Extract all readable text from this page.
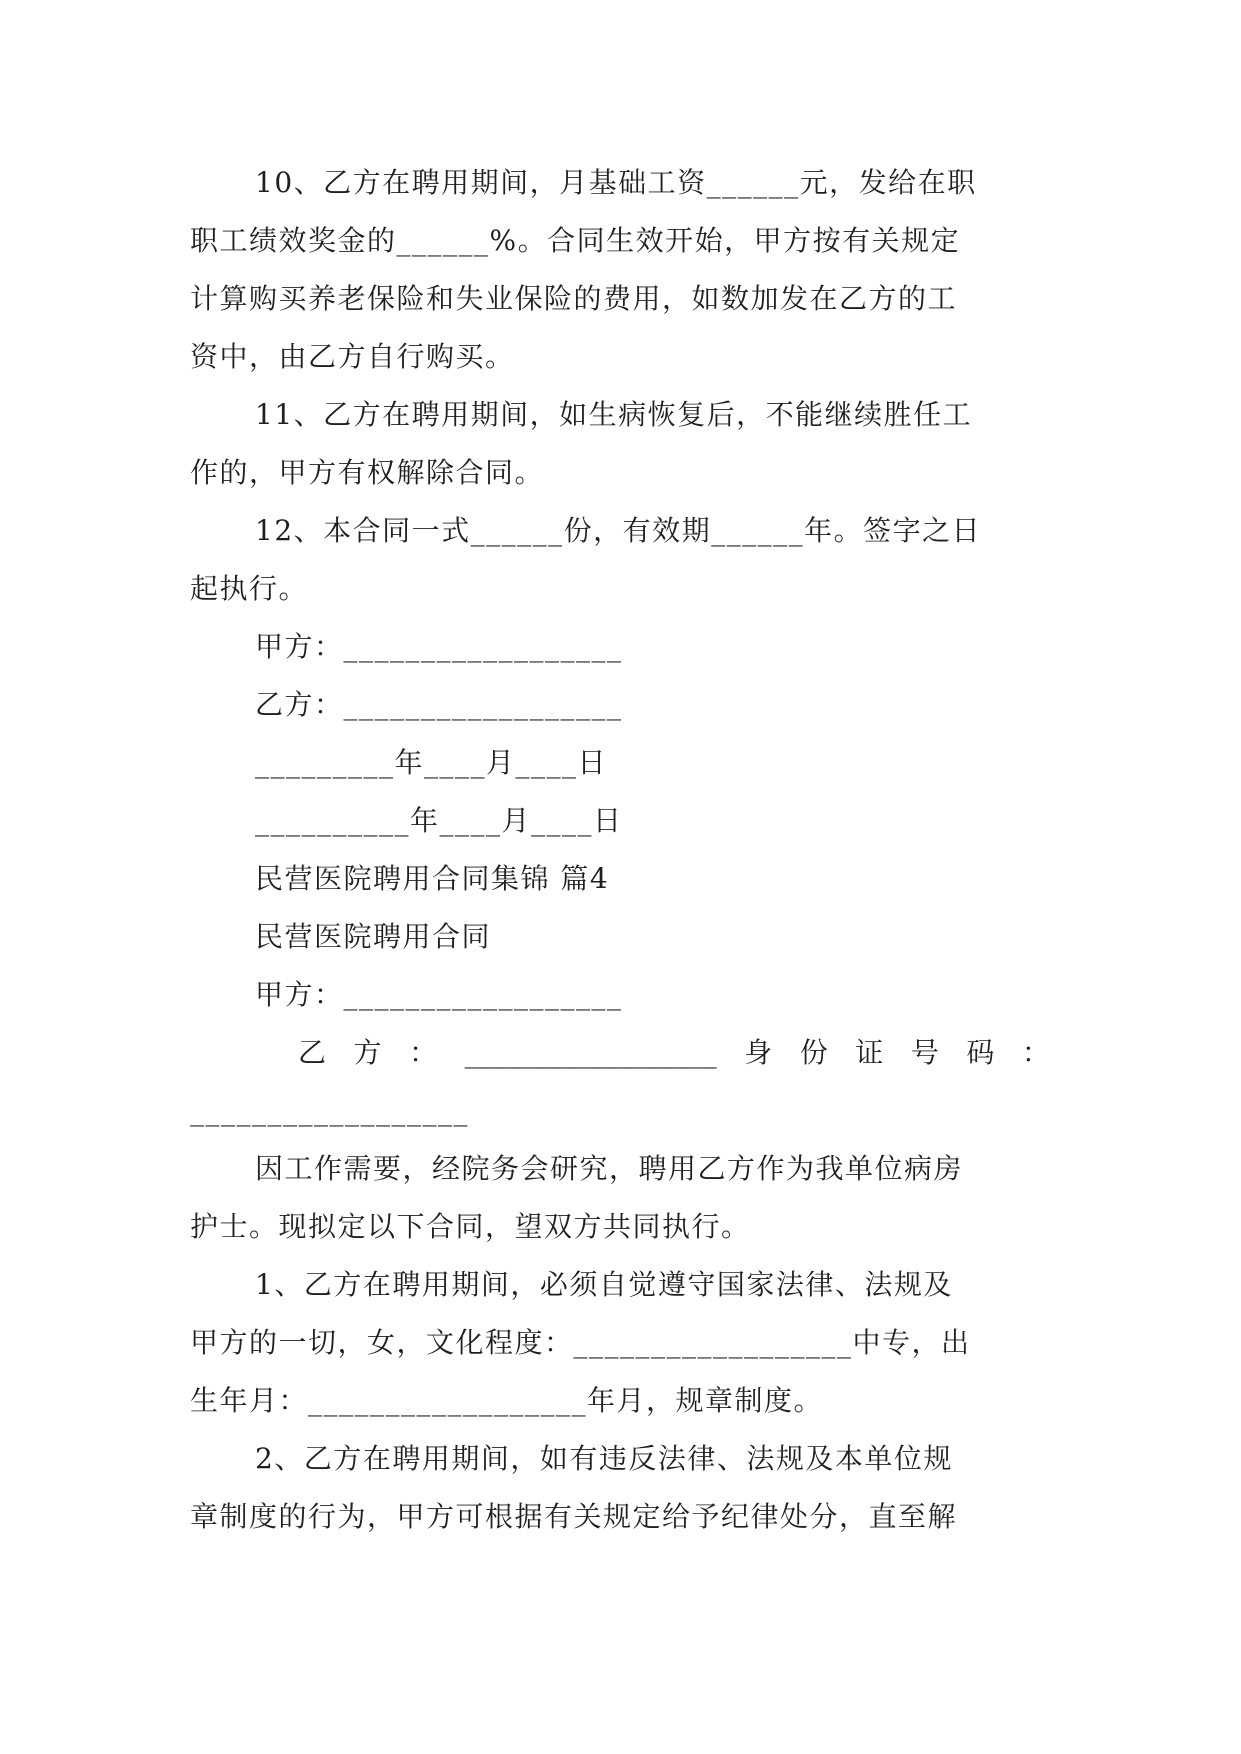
10、乙方在聘用期间，月基础工资______元，发给在职
职工绩效奖金的______%。合同生效开始，甲方按有关规定
计算购买养老保险和失业保险的费用，如数加发在乙方的工
资中，由乙方自行购买。
11、乙方在聘用期间，如生病恢复后，不能继续胜任工
作的，甲方有权解除合同。
12、本合同一式______份，有效期______年。签字之日
起执行。
甲方：__________________
乙方：__________________
_________年____月____日
__________年____月____日
民营医院聘用合同集锦 篇4
民营医院聘用合同
甲方：__________________
乙 方 ： __________________ 身 份 证 号 码 ：
__________________
因工作需要，经院务会研究，聘用乙方作为我单位病房
护士。现拟定以下合同，望双方共同执行。
1、乙方在聘用期间，必须自觉遵守国家法律、法规及
甲方的一切，女，文化程度：__________________中专，出
生年月：__________________年月，规章制度。
2、乙方在聘用期间，如有违反法律、法规及本单位规
章制度的行为，甲方可根据有关规定给予纪律处分，直至解
